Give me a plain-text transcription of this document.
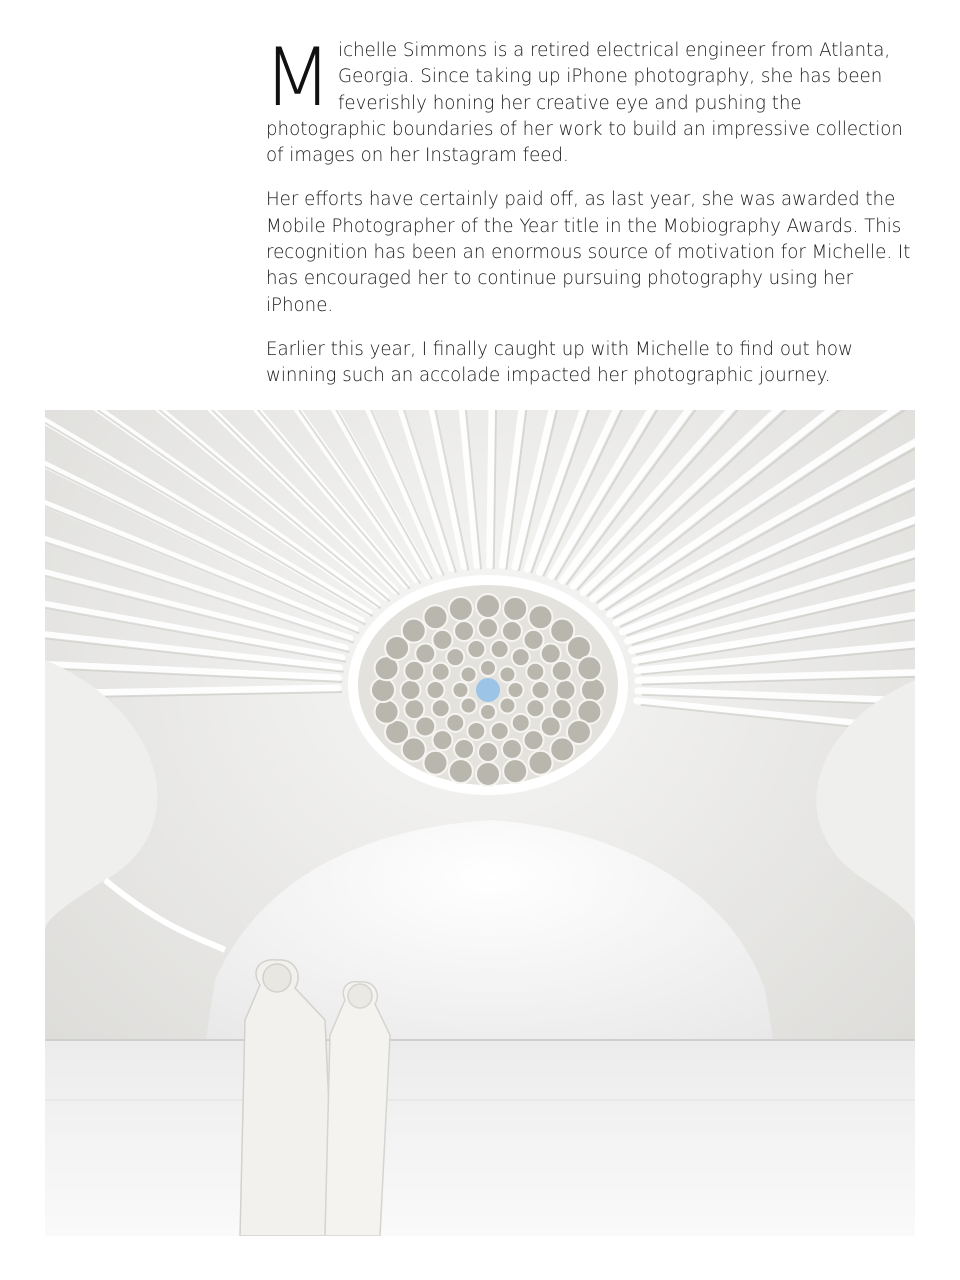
Michelle Simmons is a retired electrical engineer from Atlanta, Georgia. Since taking up iPhone photography, she has been feverishly honing her creative eye and pushing the photographic boundaries of her work to build an impressive collection of images on her Instagram feed.

Her efforts have certainly paid off, as last year, she was awarded the Mobile Photographer of the Year title in the Mobiography Awards. This recognition has been an enormous source of motivation for Michelle. It has encouraged her to continue pursuing photography using her iPhone.

Earlier this year, I finally caught up with Michelle to find out how winning such an accolade impacted her photographic journey.
